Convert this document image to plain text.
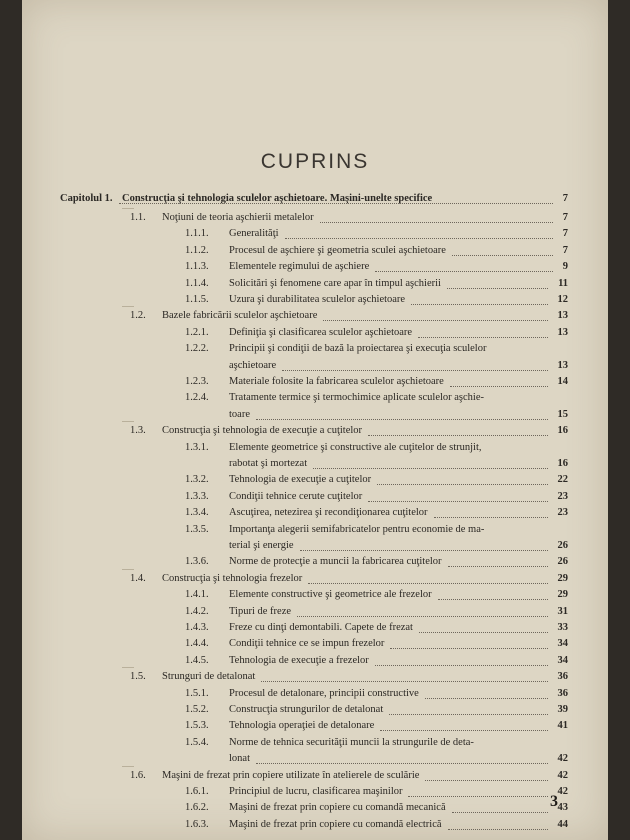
CUPRINS
Capitolul 1. Construcţia şi tehnologia sculelor aşchietoare. Maşini-unelte specifice	7
1.1. Noţiuni de teoria aşchierii metalelor	7
1.1.1. Generalităţi	7
1.1.2. Procesul de aşchiere şi geometria sculei aşchietoare	7
1.1.3. Elementele regimului de aşchiere	9
1.1.4. Solicitări şi fenomene care apar în timpul aşchierii	11
1.1.5. Uzura şi durabilitatea sculelor aşchietoare	12
1.2. Bazele fabricării sculelor aşchietoare	13
1.2.1. Definiţia şi clasificarea sculelor aşchietoare	13
1.2.2. Principii şi condiţii de bază la proiectarea şi execuţia sculelor
aşchietoare	13
1.2.3. Materiale folosite la fabricarea sculelor aşchietoare	14
1.2.4. Tratamente termice şi termochimice aplicate sculelor aşchie-
toare	15
1.3. Construcţia şi tehnologia de execuţie a cuţitelor	16
1.3.1. Elemente geometrice şi constructive ale cuţitelor de strunjit,
rabotat şi mortezat	16
1.3.2. Tehnologia de execuţie a cuţitelor	22
1.3.3. Condiţii tehnice cerute cuţitelor	23
1.3.4. Ascuţirea, netezirea şi recondiţionarea cuţitelor	23
1.3.5. Importanţa alegerii semifabricatelor pentru economie de ma-
terial şi energie	26
1.3.6. Norme de protecţie a muncii la fabricarea cuţitelor	26
1.4. Construcţia şi tehnologia frezelor	29
1.4.1. Elemente constructive şi geometrice ale frezelor	29
1.4.2. Tipuri de freze	31
1.4.3. Freze cu dinţi demontabili. Capete de frezat	33
1.4.4. Condiţii tehnice ce se impun frezelor	34
1.4.5. Tehnologia de execuţie a frezelor	34
1.5. Strunguri de detalonat	36
1.5.1. Procesul de detalonare, principii constructive	36
1.5.2. Construcţia strungurilor de detalonat	39
1.5.3. Tehnologia operaţiei de detalonare	41
1.5.4. Norme de tehnica securităţii muncii la strungurile de deta-
lonat	42
1.6. Maşini de frezat prin copiere utilizate în atelierele de sculărie	42
1.6.1. Principiul de lucru, clasificarea maşinilor	42
1.6.2. Maşini de frezat prin copiere cu comandă mecanică	43
1.6.3. Maşini de frezat prin copiere cu comandă electrică	44
3
